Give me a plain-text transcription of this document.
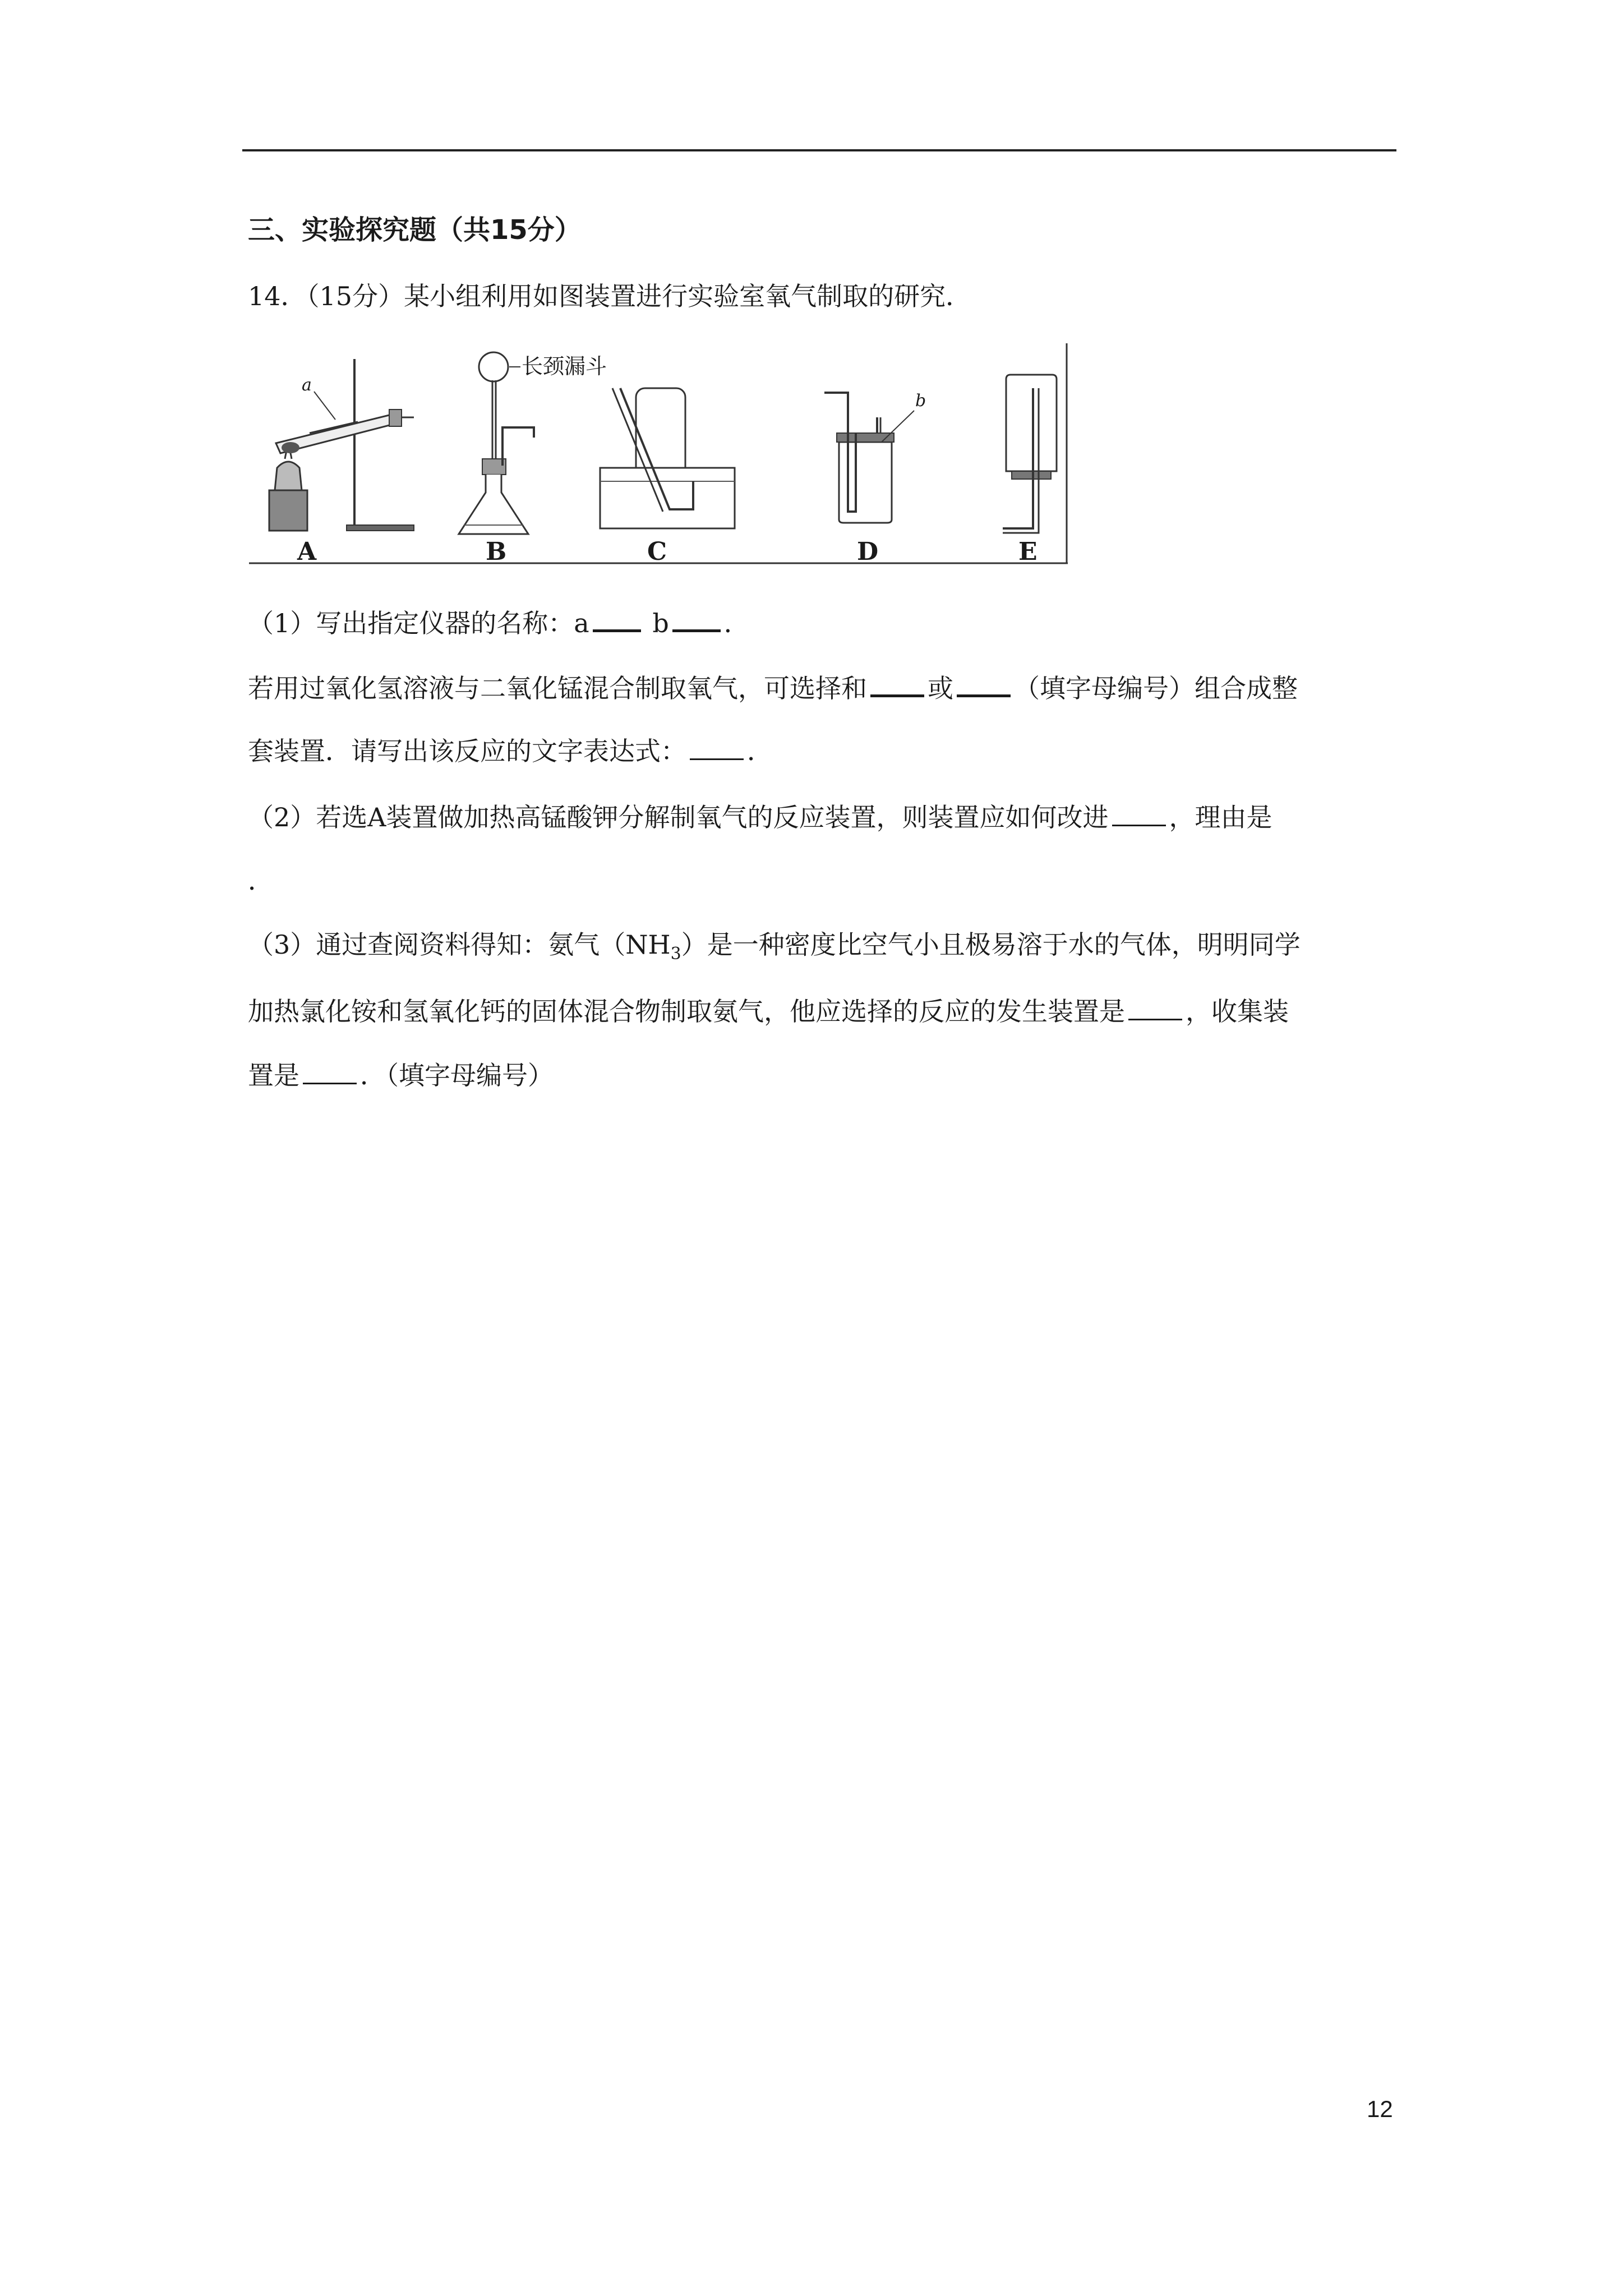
三、实验探究题（共15分）
14．（15分）某小组利用如图装置进行实验室氧气制取的研究．
a
A
长颈漏斗
B	C
b
D	E
（1）写出指定仪器的名称：a b ．
若用过氧化氢溶液与二氧化锰混合制取氧气，可选择和 或 （填字母编号）组合成整
套装置．请写出该反应的文字表达式： ．
（2）若选A装置做加热高锰酸钾分解制氧气的反应装置，则装置应如何改进 ，理由是
．
（3）通过查阅资料得知：氨气$(NH_3)$是一种密度比空气小且极易溶于水的气体，明明同学
加热氯化铵和氢氧化钙的固体混合物制取氨气，他应选择的反应的发生装置是 ，收集装
置是 ．（填字母编号）
12
